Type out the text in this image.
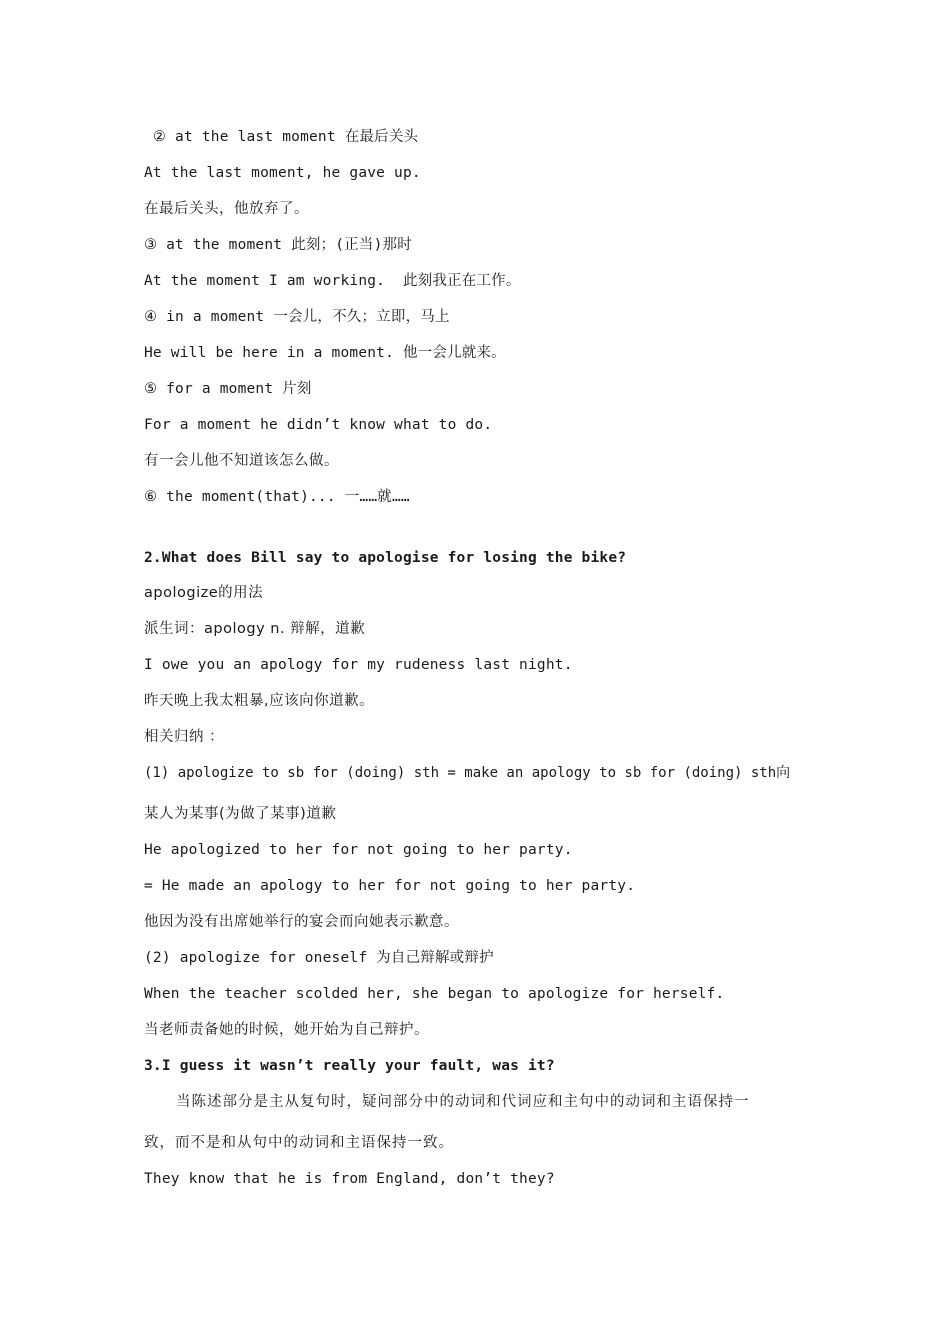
② at the last moment 在最后关头
At the last moment, he gave up.
在最后关头，他放弃了。
③ at the moment 此刻；(正当)那时
At the moment I am working.  此刻我正在工作。
④ in a moment 一会儿，不久；立即，马上
He will be here in a moment. 他一会儿就来。
⑤ for a moment 片刻
For a moment he didn’t know what to do.
有一会儿他不知道该怎么做。
⑥ the moment(that)... 一……就……
2.What does Bill say to apologise for losing the bike?
apologize的用法
派生词：apology n. 辩解，道歉
I owe you an apology for my rudeness last night.
昨天晚上我太粗暴,应该向你道歉。
相关归纳 ：
(1) apologize to sb for (doing) sth = make an apology to sb for (doing) sth向
某人为某事(为做了某事)道歉
He apologized to her for not going to her party.
= He made an apology to her for not going to her party.
他因为没有出席她举行的宴会而向她表示歉意。
(2) apologize for oneself 为自己辩解或辩护
When the teacher scolded her, she began to apologize for herself.
当老师责备她的时候，她开始为自己辩护。
3.I guess it wasn’t really your fault, was it?
当陈述部分是主从复句时，疑问部分中的动词和代词应和主句中的动词和主语保持一
致，而不是和从句中的动词和主语保持一致。
They know that he is from England, don’t they?
